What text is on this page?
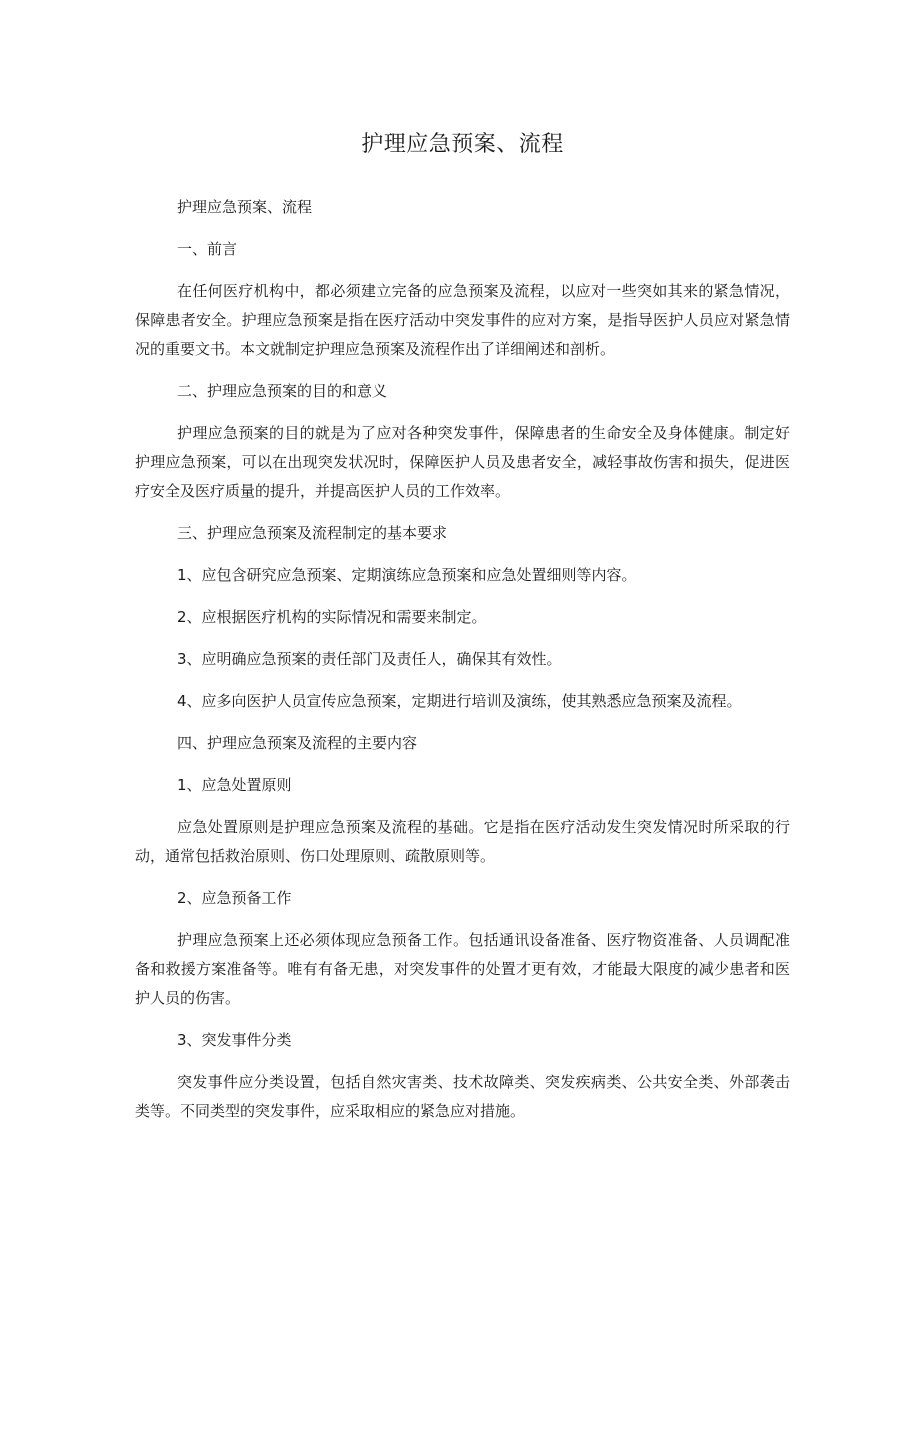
护理应急预案、流程

护理应急预案、流程

一、前言

在任何医疗机构中，都必须建立完备的应急预案及流程，以应对一些突如其来的紧急情况，保障患者安全。护理应急预案是指在医疗活动中突发事件的应对方案，是指导医护人员应对紧急情况的重要文书。本文就制定护理应急预案及流程作出了详细阐述和剖析。

二、护理应急预案的目的和意义

护理应急预案的目的就是为了应对各种突发事件，保障患者的生命安全及身体健康。制定好护理应急预案，可以在出现突发状况时，保障医护人员及患者安全，减轻事故伤害和损失，促进医疗安全及医疗质量的提升，并提高医护人员的工作效率。

三、护理应急预案及流程制定的基本要求

1、应包含研究应急预案、定期演练应急预案和应急处置细则等内容。

2、应根据医疗机构的实际情况和需要来制定。

3、应明确应急预案的责任部门及责任人，确保其有效性。

4、应多向医护人员宣传应急预案，定期进行培训及演练，使其熟悉应急预案及流程。

四、护理应急预案及流程的主要内容

1、应急处置原则

应急处置原则是护理应急预案及流程的基础。它是指在医疗活动发生突发情况时所采取的行动，通常包括救治原则、伤口处理原则、疏散原则等。

2、应急预备工作

护理应急预案上还必须体现应急预备工作。包括通讯设备准备、医疗物资准备、人员调配准备和救援方案准备等。唯有有备无患，对突发事件的处置才更有效，才能最大限度的减少患者和医护人员的伤害。

3、突发事件分类

突发事件应分类设置，包括自然灾害类、技术故障类、突发疾病类、公共安全类、外部袭击类等。不同类型的突发事件，应采取相应的紧急应对措施。
